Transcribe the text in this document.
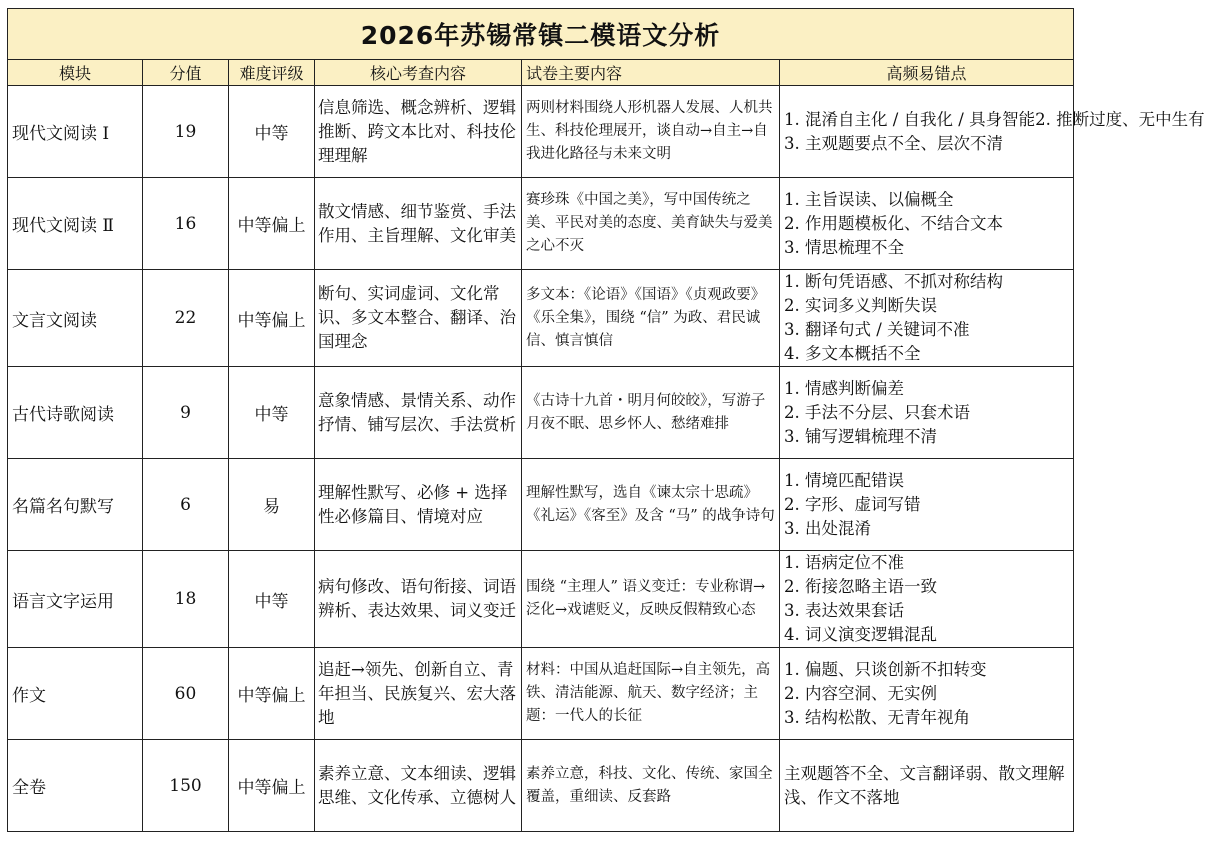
2026年苏锡常镇二模语文分析					
模块	分值	难度评级	核心考查内容	试卷主要内容	高频易错点
现代文阅读 Ⅰ	19	中等	信息筛选、概念辨析、逻辑推断、跨文本比对、科技伦理理解	两则材料围绕人形机器人发展、人机共生、科技伦理展开，谈自动→自主→自我进化路径与未来文明	1. 混淆自主化 / 自我化 / 具身智能2. 推断过度、无中生有
3. 主观题要点不全、层次不清

现代文阅读 Ⅱ	16	中等偏上	散文情感、细节鉴赏、手法作用、主旨理解、文化审美	赛珍珠《中国之美》，写中国传统之美、平民对美的态度、美育缺失与爱美之心不灭	1. 主旨误读、以偏概全
2. 作用题模板化、不结合文本
3. 情思梳理不全

文言文阅读	22	中等偏上	断句、实词虚词、文化常识、多文本整合、翻译、治国理念	多文本：《论语》《国语》《贞观政要》《乐全集》，围绕 “信” 为政、君民诚信、慎言慎信	1. 断句凭语感、不抓对称结构
2. 实词多义判断失误
3. 翻译句式 / 关键词不准
4. 多文本概括不全

古代诗歌阅读	9	中等	意象情感、景情关系、动作抒情、铺写层次、手法赏析	《古诗十九首・明月何皎皎》，写游子月夜不眠、思乡怀人、愁绪难排	1. 情感判断偏差
2. 手法不分层、只套术语
3. 铺写逻辑梳理不清

名篇名句默写	6	易	理解性默写、必修 + 选择性必修篇目、情境对应	理解性默写，选自《谏太宗十思疏》《礼运》《客至》及含 “马” 的战争诗句	1. 情境匹配错误
2. 字形、虚词写错
3. 出处混淆

语言文字运用	18	中等	病句修改、语句衔接、词语辨析、表达效果、词义变迁	围绕 “主理人” 语义变迁：专业称谓→泛化→戏谑贬义，反映反假精致心态	1. 语病定位不准
2. 衔接忽略主语一致
3. 表达效果套话
4. 词义演变逻辑混乱

作文	60	中等偏上	追赶→领先、创新自立、青年担当、民族复兴、宏大落地	材料：中国从追赶国际→自主领先，高铁、清洁能源、航天、数字经济；主题：一代人的长征	1. 偏题、只谈创新不扣转变
2. 内容空洞、无实例
3. 结构松散、无青年视角

全卷	150	中等偏上	素养立意、文本细读、逻辑思维、文化传承、立德树人	素养立意，科技、文化、传统、家国全覆盖，重细读、反套路	主观题答不全、文言翻译弱、散文理解浅、作文不落地
